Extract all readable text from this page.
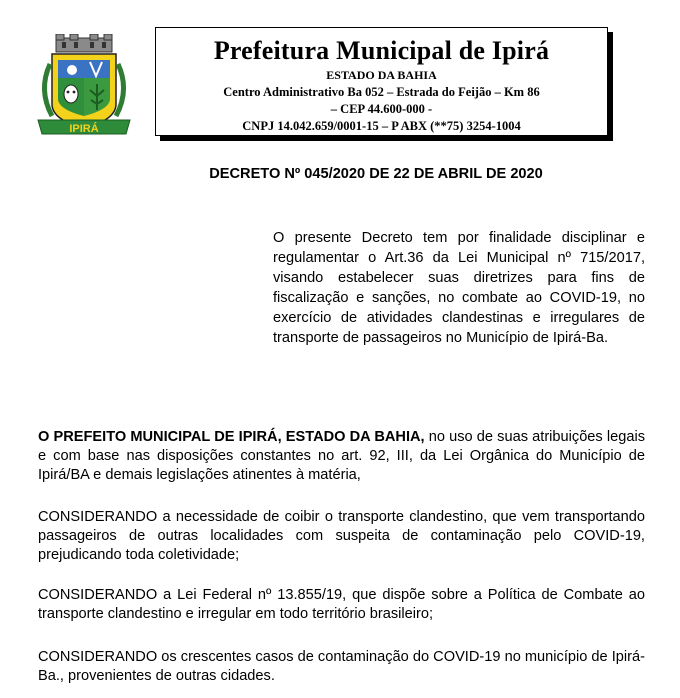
IPIRÁ
Prefeitura Municipal de Ipirá
ESTADO DA BAHIA
Centro Administrativo Ba 052 – Estrada do Feijão – Km 86
– CEP 44.600-000 -
CNPJ 14.042.659/0001-15 – P ABX (**75) 3254-1004
DECRETO Nº 045/2020 DE 22 DE ABRIL DE 2020
O presente Decreto tem por finalidade disciplinar e regulamentar o Art.36 da Lei Municipal nº 715/2017, visando estabelecer suas diretrizes para fins de fiscalização e sanções, no combate ao COVID-19, no exercício de atividades clandestinas e irregulares de transporte de passageiros no Município de Ipirá-Ba.

O PREFEITO MUNICIPAL DE IPIRÁ, ESTADO DA BAHIA, no uso de suas atribuições legais e com base nas disposições constantes no art. 92, III, da Lei Orgânica do Município de Ipirá/BA e demais legislações atinentes à matéria,

CONSIDERANDO a necessidade de coibir o transporte clandestino, que vem transportando passageiros de outras localidades com suspeita de contaminação pelo COVID-19, prejudicando toda coletividade;

CONSIDERANDO a Lei Federal nº 13.855/19, que dispõe sobre a Política de Combate ao transporte clandestino e irregular em todo território brasileiro;

CONSIDERANDO os crescentes casos de contaminação do COVID-19 no município de Ipirá-Ba., provenientes de outras cidades.
